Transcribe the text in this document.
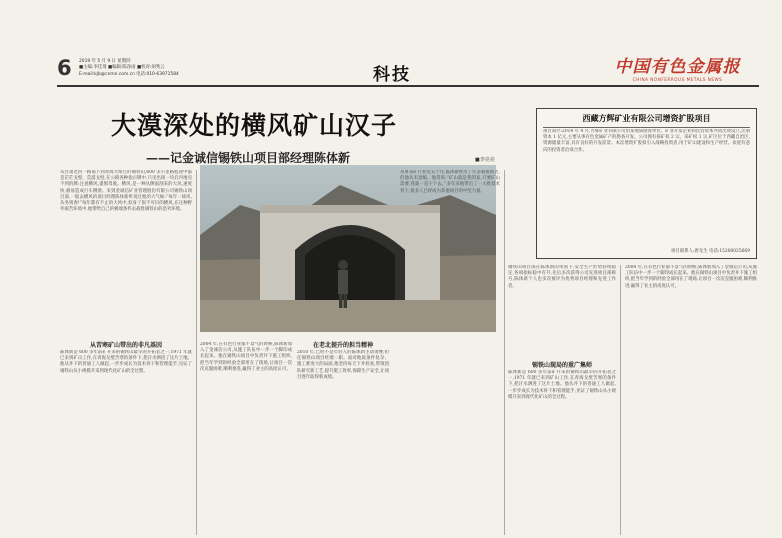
6 2019 年 5 月 9 日 星期四
■主编:李佳琦 ■编辑:陈净雨 ■校对:胡秀云
E-mail:kjb@cnmn.com.cn 电话:010-63971584	科技	中国有色金属报
CHINA NONFERROUS METALS NEWS
大漠深处的横风矿山汉子
——记金诚信锡铁山项目部经理陈体新	■李亮亮
西藏方辉矿业有限公司增资扩股项目
项目简介:2014 年 4 月,方辉矿业有限公司由某地质勘查单位、矿业开发企业和民营资本共同出资设立,注册资本 1 亿元,主要从事有色金属矿产的勘查开发。公司拥有探矿权 2 宗、采矿权 1 宗,矿区位于西藏自治区,资源储量丰富,具有良好的开发前景。本次增资扩股拟引入战略投资者,用于矿山建设和生产经营。欢迎有意向的投资者洽谈合作。
项目联系人:唐先生 电话:15208025669
从甘肃老河一路南下到青海大柴旦的锡铁山,600 多公里路程途中都是茫茫戈壁、荒漠戈壁,在公路各种指示牌中,只见出现一块启内地见不到的牌:注意横风,谨慎驾驶。横风,是一种从侧面刮来的大风,速度快,极易造成行车侧滑。来到金诚信矿业管理股份有限公司锡铁山项目部,一般去横风的项目经理陈体新听说过他的大气候:“每年一场风,从冬到春!”每年都有不止的大风中,似身了很不可扫的横风,在这种野外艰苦环境中,他带给自己的极端条件去战胜锡铁山的恶劣环境。
从苦寒矿山带出的非凡基因
陈体新是 600 多年前矿开采的锡铁山最早的开拓者之一,1971 年就已来到矿山工作,在青海戈壁苦寒的条件下,把汗水洒进了这片土地。他从井下的普通工人做起,一步步成长为技术骨干和管理能手,见证了锡铁山从小规模开采到现代化矿山的全过程。
2004 年,在有色行业都不景气的时候,陈体新加入了金诚信公司,从施工队伍中一步一个脚印成长起来。他在锡铁山项目中负责井下施工组织,把当年学到的经验全部用在了现场,让项目一次次克服困难,顺利推进,赢得了业主的高度认可。
在老北提升的担当精神
2010 年,已经不是年轻人的陈体新主动请缨,担任锡铁山项目经理一职。面对地质条件复杂、施工难度大的局面,他坚持每天下井检查,带领团队研究新工艺,提升施工效率,保障生产安全,让项目逐年取得新成绩。
从事采矿行业近五十年,陈体新经历了许多艰难困苦,但他从未退缩。他常说:“矿山就是我的家,只要矿山需要,我就一直干下去。”多年来他带出了一大批技术骨干,很多人已经成为其他项目的中坚力量。
锡铁山项目部在陈体新的带领下,安全生产形势持续稳定,各项指标稳中有升,先后多次获得公司先进项目部称号,陈体新个人也多次被评为优秀项目经理和先进工作者。
锡铁山现局的重广集师
陈体新是 600 多年前矿开采的锡铁山最早的开拓者之一,1971 年就已来到矿山工作,在青海戈壁苦寒的条件下,把汗水洒进了这片土地。他从井下的普通工人做起,一步步成长为技术骨干和管理能手,见证了锡铁山从小规模开采到现代化矿山的全过程。
2004 年,在有色行业都不景气的时候,陈体新加入了金诚信公司,从施工队伍中一步一个脚印成长起来。他在锡铁山项目中负责井下施工组织,把当年学到的经验全部用在了现场,让项目一次次克服困难,顺利推进,赢得了业主的高度认可。
